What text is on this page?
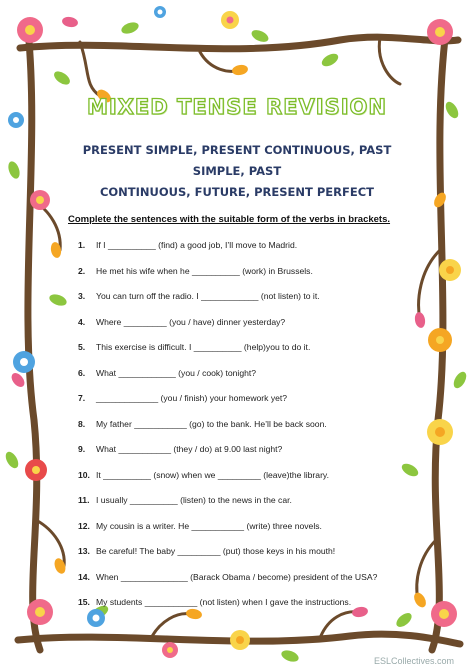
MIXED TENSE REVISION
PRESENT SIMPLE, PRESENT CONTINUOUS, PAST SIMPLE, PAST
CONTINUOUS, FUTURE, PRESENT PERFECT
Complete the sentences with the suitable form of the verbs in brackets.
1. If I __________ (find) a good job, I’ll move to Madrid.
2. He met his wife when he __________ (work) in Brussels.
3. You can turn off the radio. I ____________ (not listen) to it.
4. Where _________ (you / have) dinner yesterday?
5. This exercise is difficult. I __________ (help)you to do it.
6. What ____________ (you / cook) tonight?
7. _____________ (you / finish) your homework yet?
8. My father ___________ (go) to the bank. He’ll be back soon.
9. What ___________ (they / do) at 9.00 last night?
10. It __________ (snow) when we _________ (leave)the library.
11. I usually __________ (listen) to the news in the car.
12. My cousin is a writer. He ___________ (write) three novels.
13. Be careful! The baby _________ (put) those keys in his mouth!
14. When ______________ (Barack Obama / become) president of the USA?
15. My students ___________ (not listen) when I gave the instructions.
ESLCollectives.com
